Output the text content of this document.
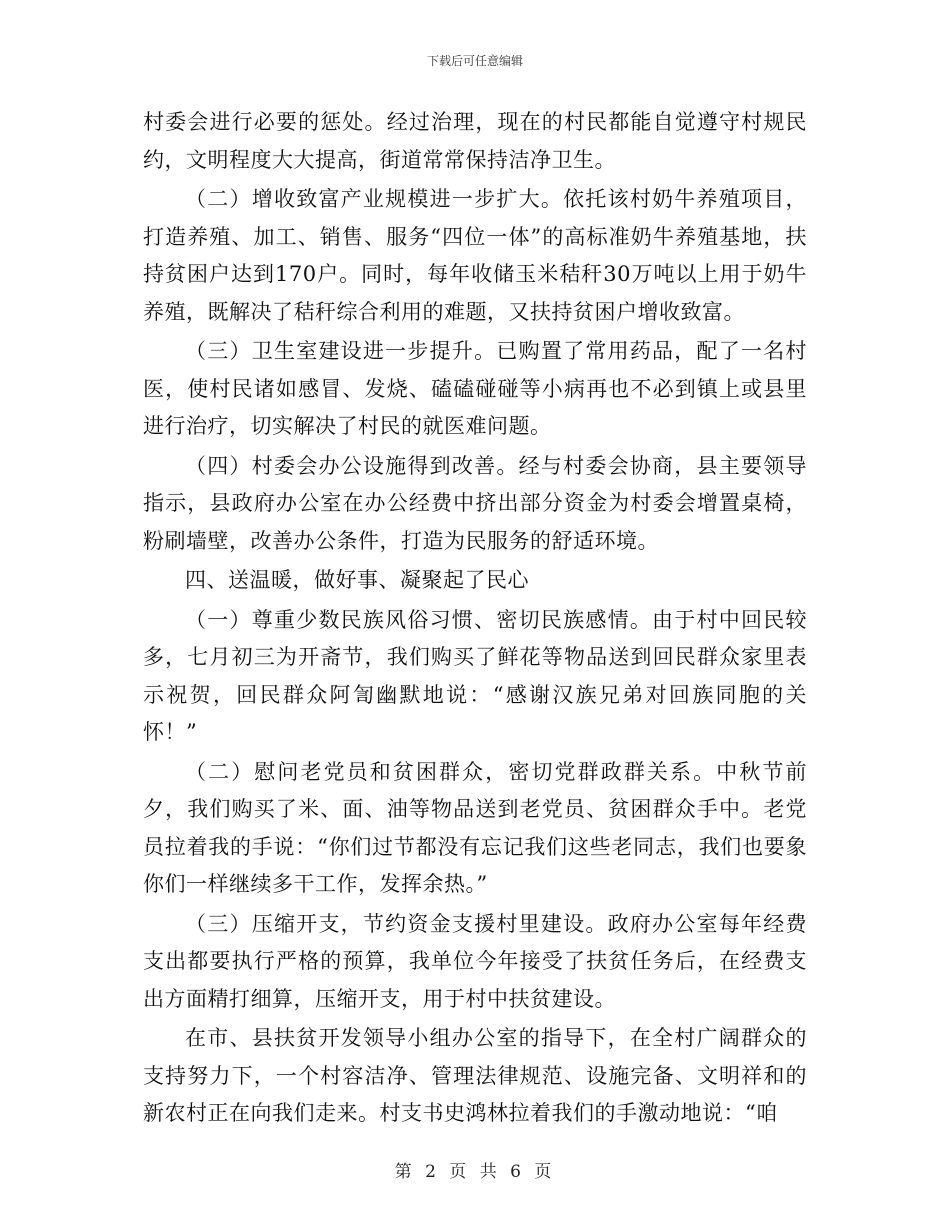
下载后可任意编辑

村委会进行必要的惩处。经过治理，现在的村民都能自觉遵守村规民约，文明程度大大提高，街道常常保持洁净卫生。

（二）增收致富产业规模进一步扩大。依托该村奶牛养殖项目，打造养殖、加工、销售、服务“四位一体”的高标准奶牛养殖基地，扶持贫困户达到170户。同时，每年收储玉米秸秆30万吨以上用于奶牛养殖，既解决了秸秆综合利用的难题，又扶持贫困户增收致富。

（三）卫生室建设进一步提升。已购置了常用药品，配了一名村医，使村民诸如感冒、发烧、磕磕碰碰等小病再也不必到镇上或县里进行治疗，切实解决了村民的就医难问题。

（四）村委会办公设施得到改善。经与村委会协商，县主要领导指示，县政府办公室在办公经费中挤出部分资金为村委会增置桌椅，粉刷墙壁，改善办公条件，打造为民服务的舒适环境。

四、送温暖，做好事、凝聚起了民心

（一）尊重少数民族风俗习惯、密切民族感情。由于村中回民较多，七月初三为开斋节，我们购买了鲜花等物品送到回民群众家里表示祝贺，回民群众阿訇幽默地说：“感谢汉族兄弟对回族同胞的关怀！”

（二）慰问老党员和贫困群众，密切党群政群关系。中秋节前夕，我们购买了米、面、油等物品送到老党员、贫困群众手中。老党员拉着我的手说：“你们过节都没有忘记我们这些老同志，我们也要象你们一样继续多干工作，发挥余热。”

（三）压缩开支，节约资金支援村里建设。政府办公室每年经费支出都要执行严格的预算，我单位今年接受了扶贫任务后，在经费支出方面精打细算，压缩开支，用于村中扶贫建设。

在市、县扶贫开发领导小组办公室的指导下，在全村广阔群众的支持努力下，一个村容洁净、管理法律规范、设施完备、文明祥和的新农村正在向我们走来。村支书史鸿林拉着我们的手激动地说：“咱

第 2 页 共 6 页
